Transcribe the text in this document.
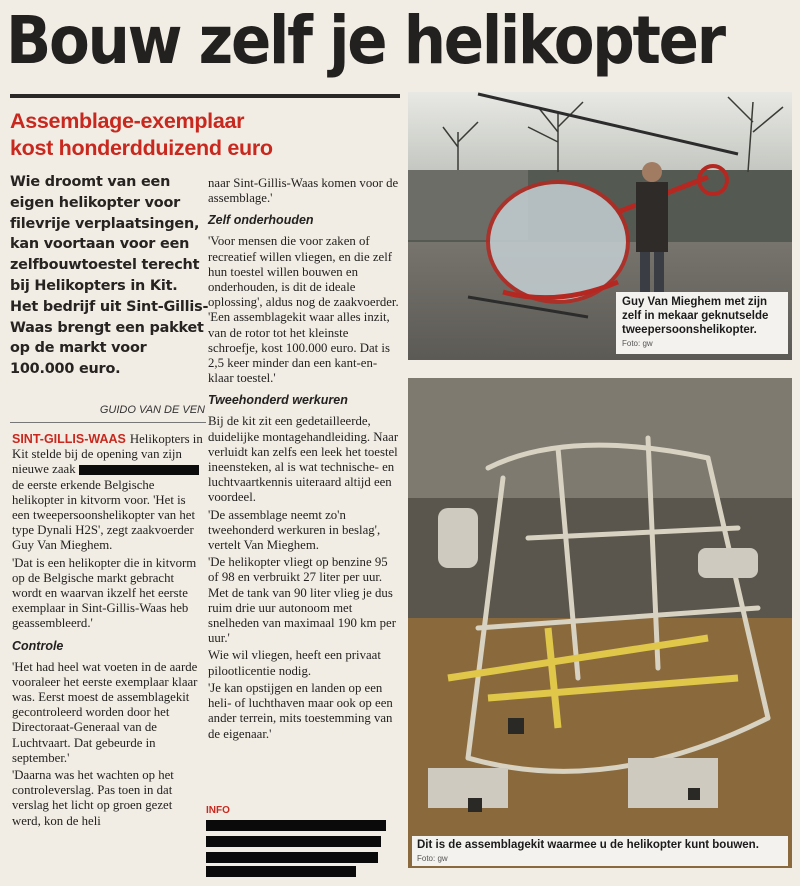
Bouw zelf je helikopter
Assemblage-exemplaar
kost honderdduizend euro
Wie droomt van een eigen helikopter voor filevrije verplaatsingen, kan voortaan voor een zelfbouwtoestel terecht bij Helikopters in Kit. Het bedrijf uit Sint-Gillis-Waas brengt een pakket op de markt voor 100.000 euro.
GUIDO VAN DE VEN

SINT-GILLIS-WAAS Helikopters in Kit stelde bij de opening van zijn nieuwe zaak  de eerste erkende Belgische helikopter in kitvorm voor. 'Het is een tweepersoonshelikopter van het type Dynali H2S', zegt zaakvoerder Guy Van Mieghem.

'Dat is een helikopter die in kitvorm op de Belgische markt gebracht wordt en waarvan ikzelf het eerste exemplaar in Sint-Gillis-Waas heb geassembleerd.'

Controle

'Het had heel wat voeten in de aarde vooraleer het eerste exemplaar klaar was. Eerst moest de assemblagekit gecontroleerd worden door het Directoraat-Generaal van de Luchtvaart. Dat gebeurde in september.'

'Daarna was het wachten op het controleverslag. Pas toen in dat verslag het licht op groen gezet werd, kon de heli

naar Sint-Gillis-Waas komen voor de assemblage.'

Zelf onderhouden

'Voor mensen die voor zaken of recreatief willen vliegen, en die zelf hun toestel willen bouwen en onderhouden, is dit de ideale oplossing', aldus nog de zaakvoerder. 'Een assemblagekit waar alles inzit, van de rotor tot het kleinste schroefje, kost 100.000 euro. Dat is 2,5 keer minder dan een kant-en-klaar toestel.'

Tweehonderd werkuren

Bij de kit zit een gedetailleerde, duidelijke montagehandleiding. Naar verluidt kan zelfs een leek het toestel ineensteken, al is wat technische- en luchtvaartkennis uiteraard altijd een voordeel.

'De assemblage neemt zo'n tweehonderd werkuren in beslag', vertelt Van Mieghem.

'De helikopter vliegt op benzine 95 of 98 en verbruikt 27 liter per uur. Met de tank van 90 liter vlieg je dus ruim drie uur autonoom met snelheden van maximaal 190 km per uur.'

Wie wil vliegen, heeft een privaat pilootlicentie nodig.

'Je kan opstijgen en landen op een heli- of luchthaven maar ook op een ander terrein, mits toestemming van de eigenaar.'

INFO
Guy Van Mieghem met zijn zelf in mekaar geknutselde tweepersoonshelikopter.
Foto: gw
Dit is de assemblagekit waarmee u de helikopter kunt bouwen.
Foto: gw
